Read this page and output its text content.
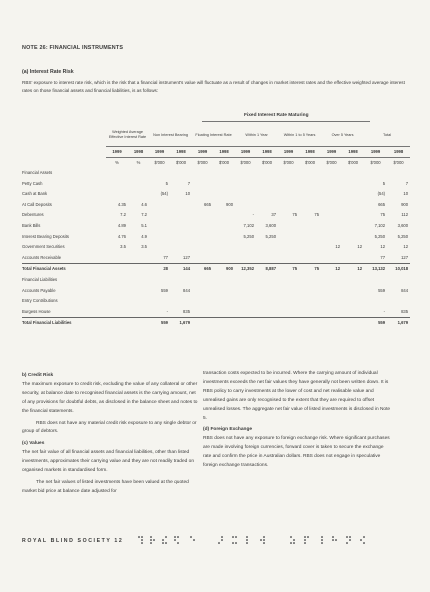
NOTE 26: FINANCIAL INSTRUMENTS
(a) Interest Rate Risk
RBS' exposure to interest rate risk, which is the risk that a financial instrument's value will fluctuate as a result of changes in market interest rates and the effective weighted average interest rates on those financial assets and financial liabilities, is as follows:
Fixed Interest Rate Maturing
	Weighted Average Effective Interest Rate		Non Interest Bearing		Floating Interest Rate		Within 1 Year		Within 1 to 5 Years		Over 5 Years		Total	
	1999	1998	1999	1998	1999	1998	1999	1998	1999	1998	1999	1998	1999	1998
	%	%	$'000	$'000	$'000	$'000	$'000	$'000	$'000	$'000	$'000	$'000	$'000	$'000
Financial Assets														
Petty Cash			5	7									5	7
Cash at Bank			(54)	10									(54)	10
At Call Deposits	4.35	4.6			665	900							665	900
Debentures	7.2	7.2					-	37	75	75			75	112
Bank Bills	4.89	5.1					7,102	3,600					7,102	3,600
Interest Bearing Deposits	4.76	4.9					5,250	5,250					5,250	5,250
Government Securities	3.5	3.5									12	12	12	12
Accounts Receivable			77	127									77	127
Total Financial Assets			28	144	665	900	12,352	8,887	75	75	12	12	13,132	10,018
Financial Liabilities														
Accounts Payable			559	844									559	844
Entry Contributions														
Burgess House			-	835									-	835
Total Financial Liabilities			559	1,679									559	1,679
b) Credit Risk
The maximum exposure to credit risk, excluding the value of any collateral or other security, at balance date to recognised financial assets is the carrying amount, net of any provisions for doubtful debts, as disclosed in the balance sheet and notes to the financial statements.
RBS does not have any material credit risk exposure to any single debtor or group of debtors.
(c) Values
The net fair value of all financial assets and financial liabilities, other than listed investments, approximates their carrying value and they are not readily traded on organised markets in standardised form.
The net fair values of listed investments have been valued at the quoted market bid price at balance date adjusted for
transaction costs expected to be incurred. Where the carrying amount of individual investments exceeds the net fair values they have generally not been written down. It is RBS policy to carry investments at the lower of cost and net realisable value and unrealised gains are only recognised to the extent that they are required to offset unrealised losses. The aggregate net fair value of listed investments is disclosed in Note 5.
(d) Foreign Exchange
RBS does not have any exposure to foreign exchange risk. Where significant purchases are made involving foreign currencies, forward cover is taken to secure the exchange rate and confirm the price in Australian dollars. RBS does not engage in speculative foreign exchange transactions.
ROYAL BLIND SOCIETY 12
